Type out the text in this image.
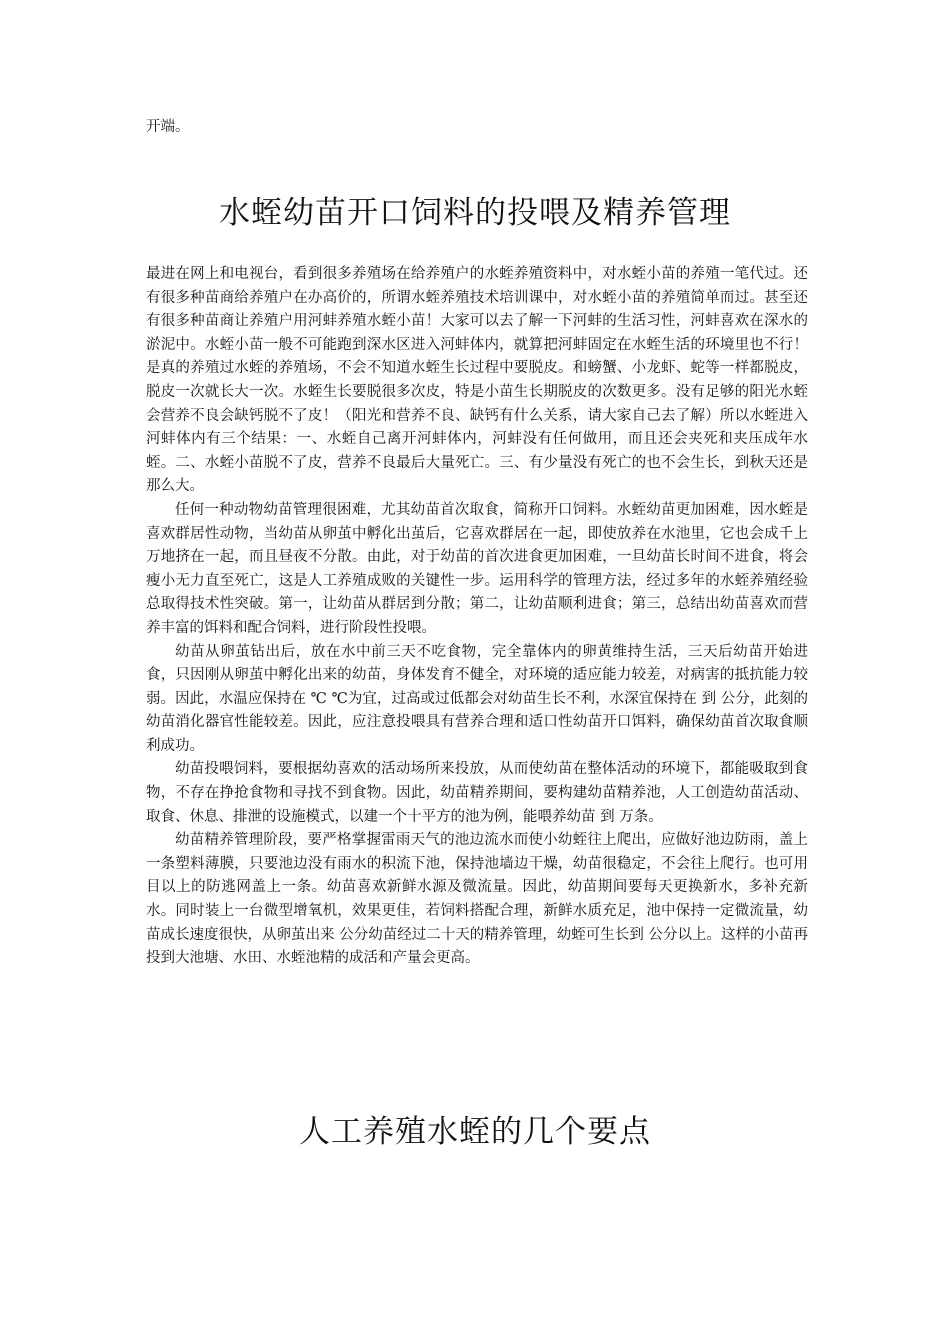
开端。

水蛭幼苗开口饲料的投喂及精养管理

最进在网上和电视台，看到很多养殖场在给养殖户的水蛭养殖资料中，对水蛭小苗的养殖一笔代过。还有很多种苗商给养殖户在办高价的，所谓水蛭养殖技术培训课中，对水蛭小苗的养殖简单而过。甚至还有很多种苗商让养殖户用河蚌养殖水蛭小苗！大家可以去了解一下河蚌的生活习性，河蚌喜欢在深水的淤泥中。水蛭小苗一般不可能跑到深水区进入河蚌体内，就算把河蚌固定在水蛭生活的环境里也不行！是真的养殖过水蛭的养殖场，不会不知道水蛭生长过程中要脱皮。和螃蟹、小龙虾、蛇等一样都脱皮，脱皮一次就长大一次。水蛭生长要脱很多次皮，特是小苗生长期脱皮的次数更多。没有足够的阳光水蛭会营养不良会缺钙脱不了皮！（阳光和营养不良、缺钙有什么关系，请大家自己去了解）所以水蛭进入河蚌体内有三个结果：一、水蛭自己离开河蚌体内，河蚌没有任何做用，而且还会夹死和夹压成年水蛭。二、水蛭小苗脱不了皮，营养不良最后大量死亡。三、有少量没有死亡的也不会生长，到秋天还是那么大。

任何一种动物幼苗管理很困难，尤其幼苗首次取食，简称开口饲料。水蛭幼苗更加困难，因水蛭是喜欢群居性动物，当幼苗从卵茧中孵化出茧后，它喜欢群居在一起，即使放养在水池里，它也会成千上万地挤在一起，而且昼夜不分散。由此，对于幼苗的首次进食更加困难，一旦幼苗长时间不进食，将会瘦小无力直至死亡，这是人工养殖成败的关键性一步。运用科学的管理方法，经过多年的水蛭养殖经验总取得技术性突破。第一，让幼苗从群居到分散；第二，让幼苗顺利进食；第三，总结出幼苗喜欢而营养丰富的饵料和配合饲料，进行阶段性投喂。

幼苗从卵茧钻出后，放在水中前三天不吃食物，完全靠体内的卵黄维持生活，三天后幼苗开始进食，只因刚从卵茧中孵化出来的幼苗，身体发育不健全，对环境的适应能力较差，对病害的抵抗能力较弱。因此，水温应保持在 ℃ ℃为宜，过高或过低都会对幼苗生长不利，水深宜保持在 到 公分，此刻的幼苗消化器官性能较差。因此，应注意投喂具有营养合理和适口性幼苗开口饵料，确保幼苗首次取食顺利成功。

幼苗投喂饲料，要根据幼喜欢的活动场所来投放，从而使幼苗在整体活动的环境下，都能吸取到食物，不存在挣抢食物和寻找不到食物。因此，幼苗精养期间，要构建幼苗精养池，人工创造幼苗活动、取食、休息、排泄的设施模式，以建一个十平方的池为例，能喂养幼苗 到 万条。

幼苗精养管理阶段，要严格掌握雷雨天气的池边流水而使小幼蛭往上爬出，应做好池边防雨，盖上一条塑料薄膜，只要池边没有雨水的积流下池，保持池墙边干燥，幼苗很稳定，不会往上爬行。也可用 目以上的防逃网盖上一条。幼苗喜欢新鲜水源及微流量。因此，幼苗期间要每天更换新水，多补充新水。同时装上一台微型增氧机，效果更佳，若饲料搭配合理，新鲜水质充足，池中保持一定微流量，幼苗成长速度很快，从卵茧出来 公分幼苗经过二十天的精养管理，幼蛭可生长到 公分以上。这样的小苗再投到大池塘、水田、水蛭池精的成活和产量会更高。

人工养殖水蛭的几个要点
